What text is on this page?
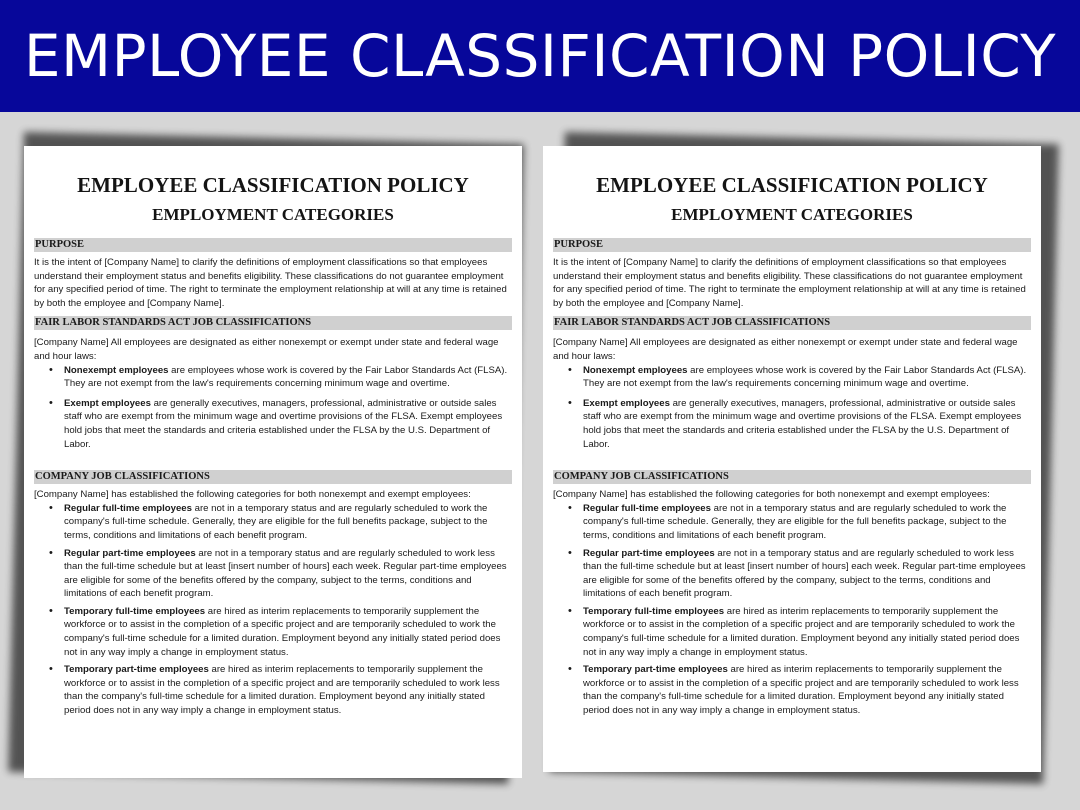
EMPLOYEE CLASSIFICATION POLICY
EMPLOYEE CLASSIFICATION POLICY
EMPLOYMENT CATEGORIES
PURPOSE
It is the intent of [Company Name] to clarify the definitions of employment classifications so that employees understand their employment status and benefits eligibility. These classifications do not guarantee employment for any specified period of time. The right to terminate the employment relationship at will at any time is retained by both the employee and [Company Name].
FAIR LABOR STANDARDS ACT JOB CLASSIFICATIONS
[Company Name] All employees are designated as either nonexempt or exempt under state and federal wage and hour laws:
• Nonexempt employees are employees whose work is covered by the Fair Labor Standards Act (FLSA). They are not exempt from the law's requirements concerning minimum wage and overtime.
• Exempt employees are generally executives, managers, professional, administrative or outside sales staff who are exempt from the minimum wage and overtime provisions of the FLSA. Exempt employees hold jobs that meet the standards and criteria established under the FLSA by the U.S. Department of Labor.
COMPANY JOB CLASSIFICATIONS
[Company Name] has established the following categories for both nonexempt and exempt employees:
• Regular full-time employees are not in a temporary status and are regularly scheduled to work the company's full-time schedule. Generally, they are eligible for the full benefits package, subject to the terms, conditions and limitations of each benefit program.
• Regular part-time employees are not in a temporary status and are regularly scheduled to work less than the full-time schedule but at least [insert number of hours] each week. Regular part-time employees are eligible for some of the benefits offered by the company, subject to the terms, conditions and limitations of each benefit program.
• Temporary full-time employees are hired as interim replacements to temporarily supplement the workforce or to assist in the completion of a specific project and are temporarily scheduled to work the company's full-time schedule for a limited duration. Employment beyond any initially stated period does not in any way imply a change in employment status.
• Temporary part-time employees are hired as interim replacements to temporarily supplement the workforce or to assist in the completion of a specific project and are temporarily scheduled to work less than the company's full-time schedule for a limited duration. Employment beyond any initially stated period does not in any way imply a change in employment status.
EMPLOYEE CLASSIFICATION POLICY
EMPLOYMENT CATEGORIES
PURPOSE
It is the intent of [Company Name] to clarify the definitions of employment classifications so that employees understand their employment status and benefits eligibility. These classifications do not guarantee employment for any specified period of time. The right to terminate the employment relationship at will at any time is retained by both the employee and [Company Name].
FAIR LABOR STANDARDS ACT JOB CLASSIFICATIONS
[Company Name] All employees are designated as either nonexempt or exempt under state and federal wage and hour laws:
• Nonexempt employees are employees whose work is covered by the Fair Labor Standards Act (FLSA). They are not exempt from the law's requirements concerning minimum wage and overtime.
• Exempt employees are generally executives, managers, professional, administrative or outside sales staff who are exempt from the minimum wage and overtime provisions of the FLSA. Exempt employees hold jobs that meet the standards and criteria established under the FLSA by the U.S. Department of Labor.
COMPANY JOB CLASSIFICATIONS
[Company Name] has established the following categories for both nonexempt and exempt employees:
• Regular full-time employees are not in a temporary status and are regularly scheduled to work the company's full-time schedule. Generally, they are eligible for the full benefits package, subject to the terms, conditions and limitations of each benefit program.
• Regular part-time employees are not in a temporary status and are regularly scheduled to work less than the full-time schedule but at least [insert number of hours] each week. Regular part-time employees are eligible for some of the benefits offered by the company, subject to the terms, conditions and limitations of each benefit program.
• Temporary full-time employees are hired as interim replacements to temporarily supplement the workforce or to assist in the completion of a specific project and are temporarily scheduled to work the company's full-time schedule for a limited duration. Employment beyond any initially stated period does not in any way imply a change in employment status.
• Temporary part-time employees are hired as interim replacements to temporarily supplement the workforce or to assist in the completion of a specific project and are temporarily scheduled to work less than the company's full-time schedule for a limited duration. Employment beyond any initially stated period does not in any way imply a change in employment status.
